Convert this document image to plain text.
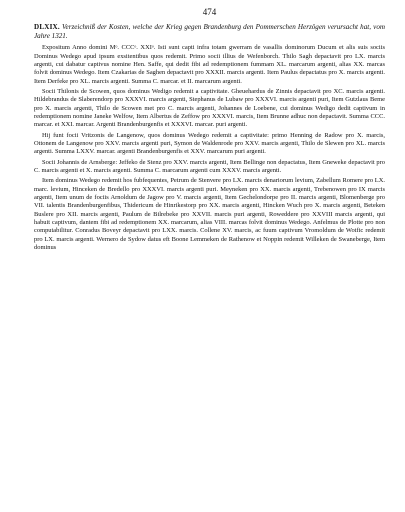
474
DLXIX. Verzeichniß der Kosten, welche der Krieg gegen Brandenburg den Pommerschen Herzögen verursacht hat, vom Jahre 1321.

Expositum Anno domini Mᵒ. CCCᵒ. XXIᵒ. Isti sunt capti infra totam gwerram de vasallis dominorum Ducum et alis suis sociis Dominus Wedego apud ipsum exsitentibus quos redemit. Primo socii illius de Wefenborch. Thilo Sagh depactavit pro LX. marcis argenti, cui dabatur captivus nomine Hen. Saffe, qui dedit fibi ad redemptionem fummam XL. marcarum argenti, alias XX. marcas folvit dominus Wedego. Item Czakarias de Saghen depactavit pro XXXII. marcis argenti. Item Paulus depactatus pro X. marcis argenti. Item Derfeke pro XL. marcis argenti. Summa C. marcar. et II. marcarum argenti.

Socii Thilonis de Scowen, quos dominus Wedigo redemit a captivitate. Gheuehardus de Zinnis depactavit pro XC. marcis argenti. Hildebrandus de Slaberendorp pro XXXVI. marcis argenti, Stephanus de Lubaw pro XXXVI. marcis argenti puri, Item Gutzlaus Beme pro X. marcis argenti, Thilo de Scowen met pro C. marcis argenti, Johannes de Loebene, cui dominus Wedigo dedit captivum in redemptionem nomine Janeke Welfow, Item Albertus de Zeffow pro XXXVI. marcis, Item Brunne adhuc non depactavit. Summa CCC. marcar. et XXI. marcar. Argenti Brandenburgenfis et XXXVI. marcar. puri argenti.

Hij funt focii Vritzonis de Langenow, quos dominus Wedego redemit a captivitate: primo Henning de Radow pro X. marcis, Ottonem de Langenow pro XXV. marcis argenti puri, Symon de Waldenrode pro XXV. marcis argenti, Thilo de Slewen pro XL. marcis argenti. Summa LXXV. marcar. argenti Brandenburgenfis et XXV. marcarum puri argenti.

Socii Johannis de Arnsberge: Jeffeko de Stenz pro XXV. marcis argenti, Item Bellinge non depactatus, Item Gneweke depactavit pro C. marcis argenti et X. marcis argenti. Summa C. marcarum argenti cum XXXV. marcis argenti.

Item dominus Wedego redemit hos fubfequentes, Petrum de Stenvere pro LX. marcis denariorum levium, Zabellum Romere pro LX. marc. levium, Hinceken de Bredello pro XXXVI. marcis argenti puri. Meyneken pro XX. marcis argenti, Trebenowen pro IX marcis argenti, Item unum de fociis Arnoldum de Jagow pro V. marcis argenti, Item Gechelondorpe pro II. marcis argenti, Blomenberge pro VII. talentis Brandenburgenfibus, Thidericum de Hinrikestorp pro XX. marcis argenti, Hincken Wuch pro X. marcis argenti, Beteken Buslere pro XII. marcis argenti, Paulum de Bilrebeke pro XXVII. marcis puri argenti, Roweddere pro XXVIII marcis argenti, qui habuit captivum, dantem fibi ad redemptionem XX. marcarum, alias VIII. marcas folvit dominus Wedego. Anfelmus de Plotte pro non computabilitur. Conradus Boveyr depactavit pro LXX. marcis. Collene XV. marcis, ac fuum captivum Vromoldum de Wotfic redemit pro LX. marcis argenti. Wernero de Sydow datus eft Boone Lemmeken de Rathenow et Noppin redemit Willeken de Swaneberge, Item dominus
